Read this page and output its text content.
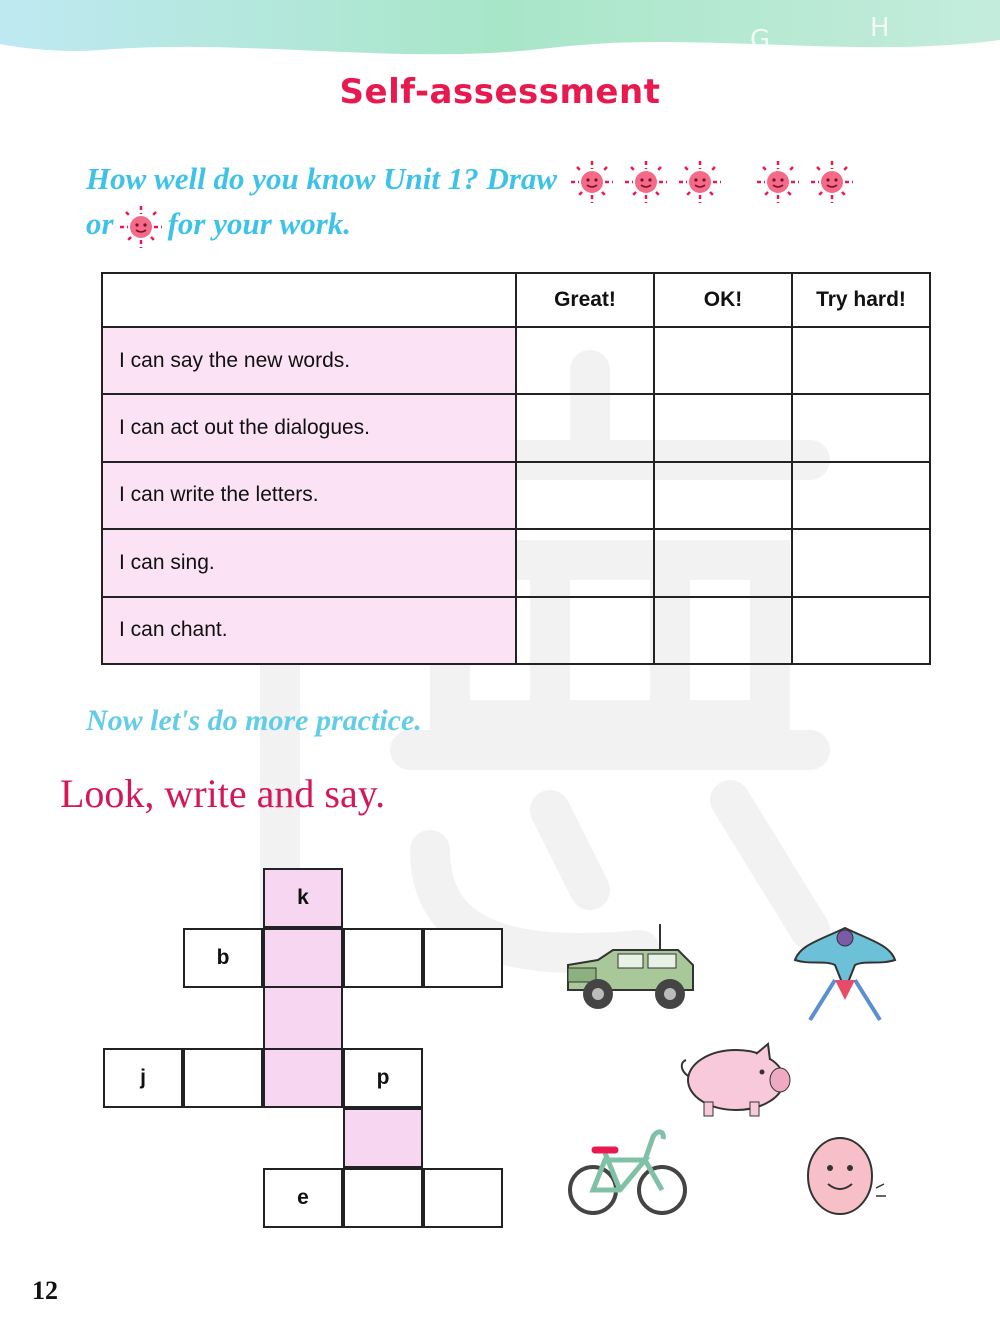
G	H
Self-assessment
How well do you know Unit 1? Draw
or for your work.
	Great!	OK!	Try hard!
I can say the new words.			
I can act out the dialogues.			
I can write the letters.			
I can sing.			
I can chant.			
Now let's do more practice.
Look, write and say.
k
b
j	p
e
12
